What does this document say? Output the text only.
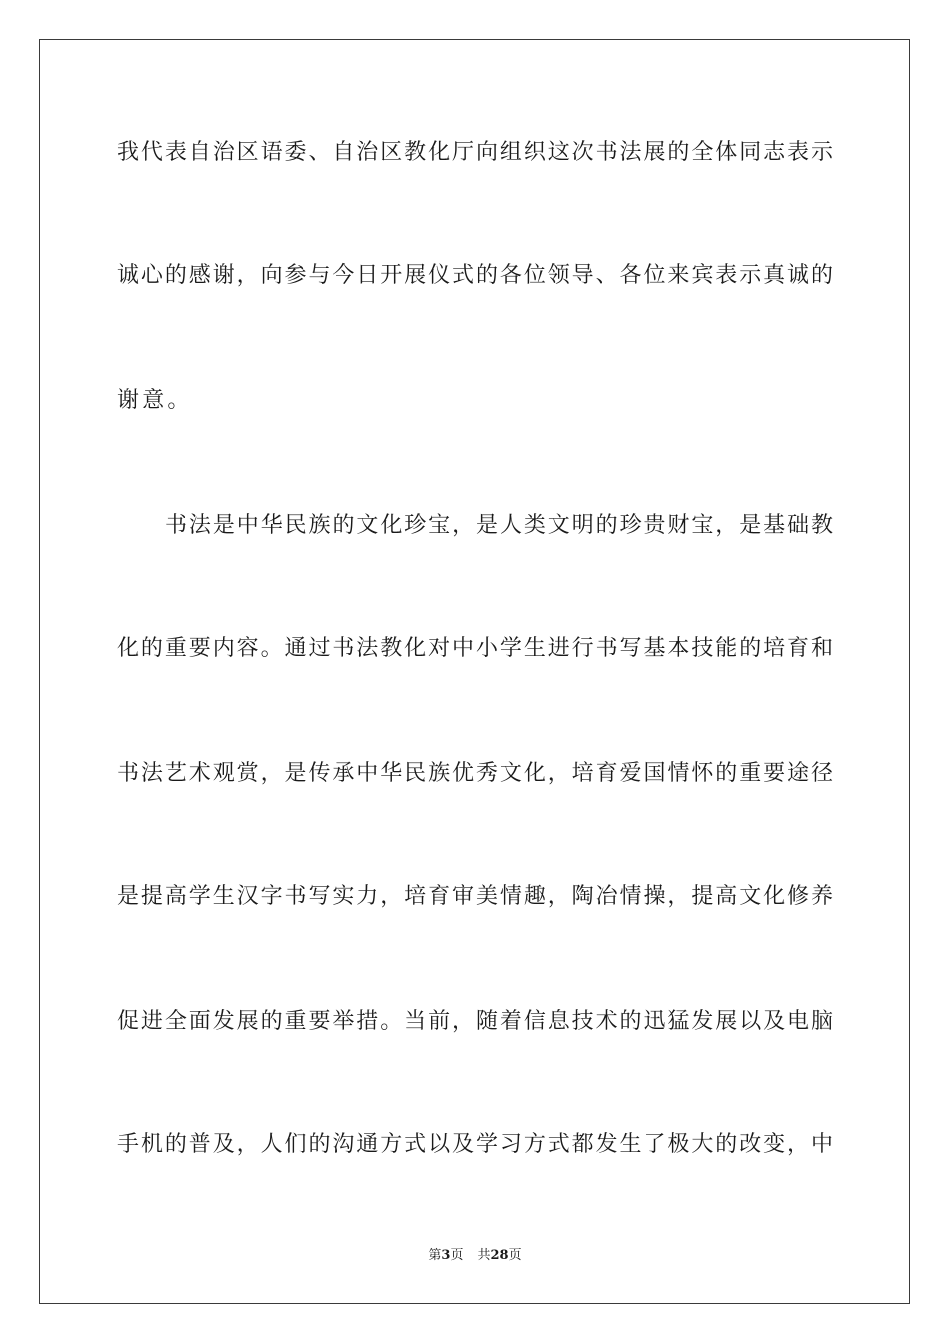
我代表自治区语委、自治区教化厅向组织这次书法展的全体同志表示
诚心的感谢，向参与今日开展仪式的各位领导、各位来宾表示真诚的
谢意。
书法是中华民族的文化珍宝，是人类文明的珍贵财宝，是基础教
化的重要内容。通过书法教化对中小学生进行书写基本技能的培育和
书法艺术观赏，是传承中华民族优秀文化，培育爱国情怀的重要途径
是提高学生汉字书写实力，培育审美情趣，陶冶情操，提高文化修养
促进全面发展的重要举措。当前，随着信息技术的迅猛发展以及电脑
手机的普及，人们的沟通方式以及学习方式都发生了极大的改变，中
第3页 共28页
